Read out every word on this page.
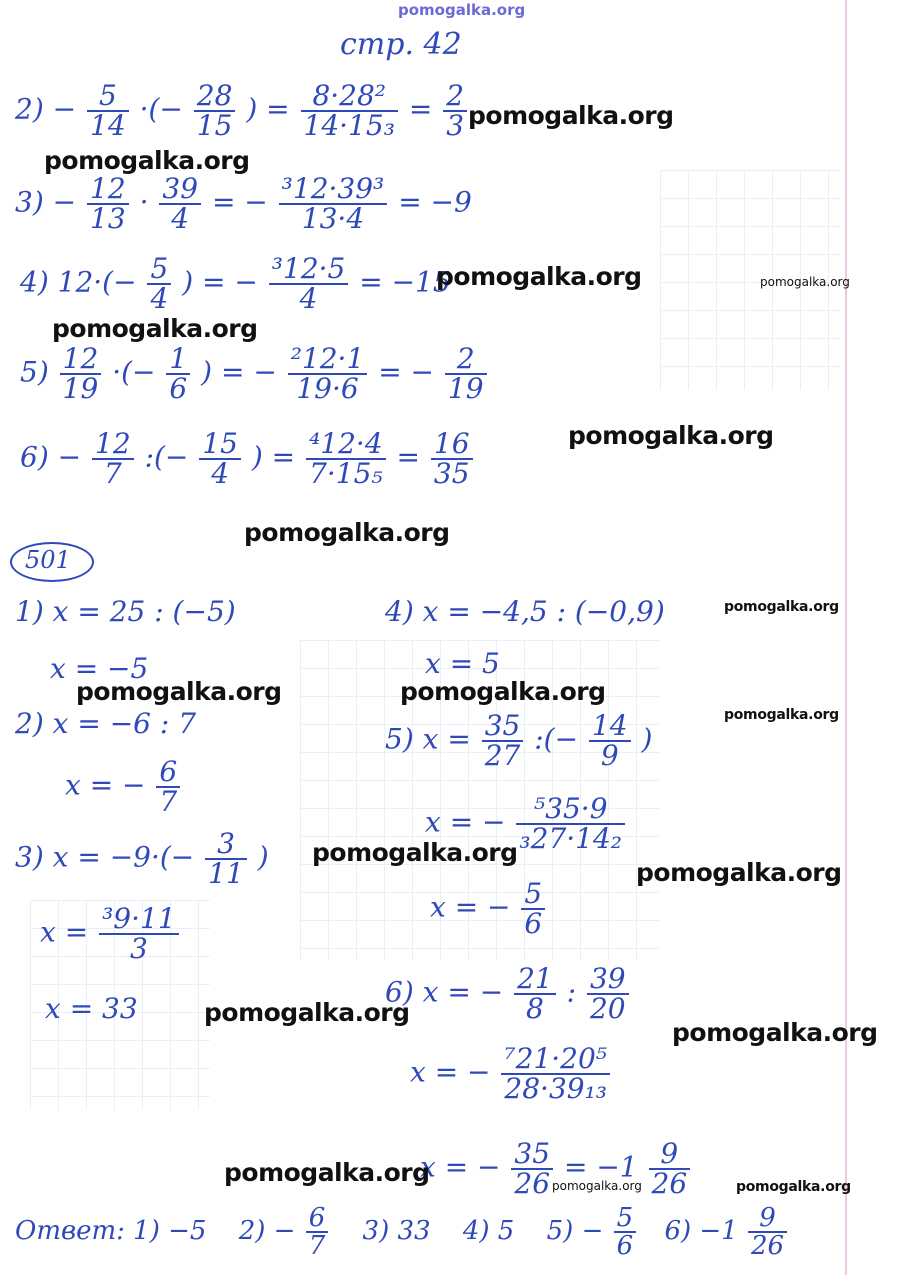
pomogalka.org
стр. 42
$2) - \frac{5}{14}$ ·(− $\frac{28}{15}$ ) = $\frac{\text{8·28²}}{\text{14·15₃}} = \frac{2}{3}$
$3) - \frac{12}{13} \cdot \frac{39}{4}$ = − $\frac{\text{³12·39³}}{13\cdot 4} = -9$
4) $12\cdot(- \frac{5}{4}$ ) = − $\frac{\text{³12·5}}{4} = -15$
$5) \frac{12}{19}$ ·(− $\frac{1}{6}$ ) = − $\frac{\text{²12·1}}{19\cdot 6}$ = − $\frac{2}{19}$
$6) - \frac{12}{7}$ :(− $\frac{15}{4}$ ) = $\frac{\text{⁴12·4}}{\text{7·15₅}} = \frac{16}{35}$
501
1) x = 25 : (−5)
x = −5
2) x = −6 : 7
x = − $\frac{6}{7}$
3) $x = -9\cdot(- \frac{3}{11}$ )
$x = \frac{\text{³9·11}}{3}$
x = 33
4) x = −4,5 : (−0,9)
x = 5
5) $x = \frac{35}{27}$ :(− $\frac{14}{9}$ )
x = − $\frac{\text{⁵35·9}}{\text{₃27·14₂}}$
x = − $\frac{5}{6}$
6) x = − $\frac{21}{8}$ : $\frac{39}{20}$
x = − $\frac{\text{⁷21·20⁵}}{\text{28·39₁₃}}$
x = − $\frac{35}{26} = -1 \frac{9}{26}$
Ответ: 1) −5 $2) - \frac{6}{7} 3$) 33 4) 5 $5) - \frac{5}{6} 6) -1 \frac{9}{26}$
pomogalka.org
pomogalka.org
pomogalka.org	pomogalka.org
pomogalka.org
pomogalka.org
pomogalka.org
pomogalka.org
pomogalka.org	pomogalka.org
pomogalka.org
pomogalka.org
pomogalka.org
pomogalka.org
pomogalka.org
pomogalka.org	pomogalka.org	pomogalka.org
